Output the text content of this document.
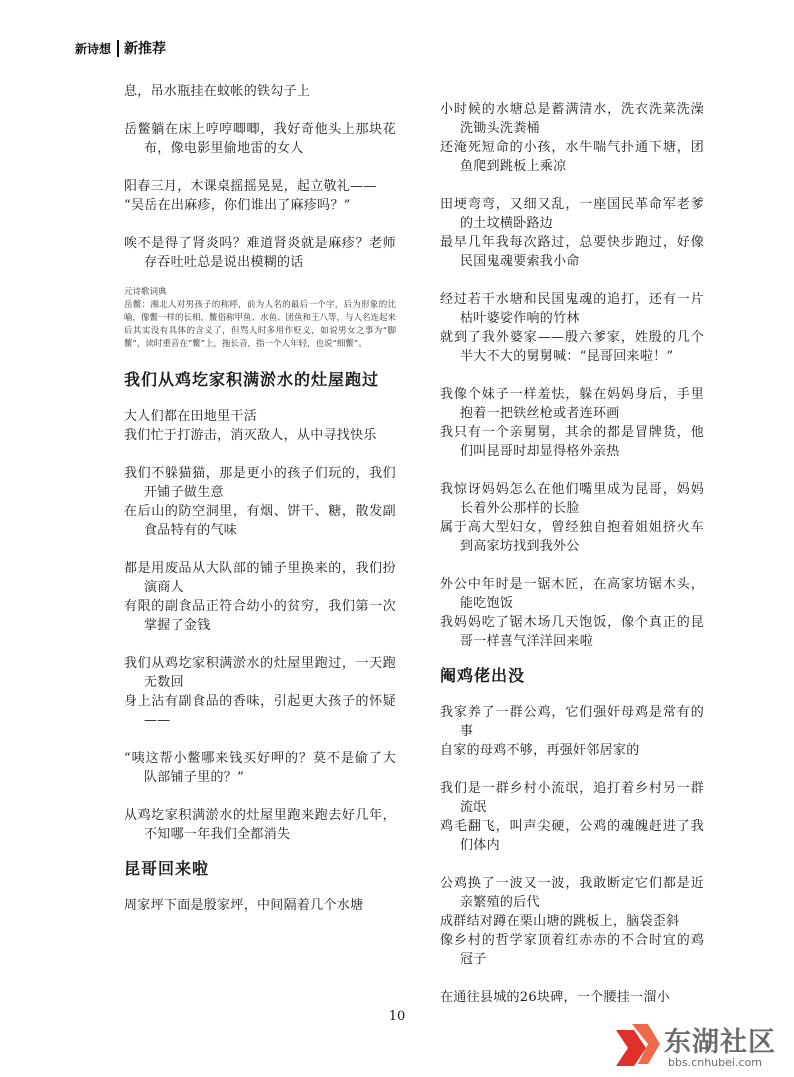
新诗想 新推荐
息，吊水瓶挂在蚊帐的铁勾子上
岳鳖躺在床上哼哼唧唧，我好奇他头上那块花布，像电影里偷地雷的女人
阳春三月，木课桌摇摇晃晃，起立敬礼——
“吴岳在出麻疹，你们谁出了麻疹吗？”
唉不是得了肾炎吗？难道肾炎就是麻疹？老师存吞吐吐总是说出模糊的话
元诗歌词典
岳鳖：湘北人对男孩子的称呼，前为人名的最后一个字，后为形象的比喻，像鳖一样的长相，鳖俗称甲鱼、水鱼、团鱼和王八等，与人名连起来后其实没有具体的含义了，但骂人时多用作贬义，如说男女之事为“脚鳖”，读时重音在“鳖”上，拖长音，指一个人年轻，也说“细鳖”。
我们从鸡圪家积满淤水的灶屋跑过
大人们都在田地里干活
我们忙于打游击，消灭敌人，从中寻找快乐
我们不躲猫猫，那是更小的孩子们玩的，我们开铺子做生意
在后山的防空洞里，有烟、饼干、糖，散发副食品特有的气味
都是用废品从大队部的铺子里换来的，我们扮演商人
有限的副食品正符合幼小的贫穷，我们第一次掌握了金钱
我们从鸡圪家积满淤水的灶屋里跑过，一天跑无数回
身上沾有副食品的香味，引起更大孩子的怀疑——
“咦这帮小鳖哪来钱买好呷的？莫不是偷了大队部铺子里的？”
从鸡圪家积满淤水的灶屋里跑来跑去好几年，不知哪一年我们全都消失
昆哥回来啦
周家坪下面是殷家坪，中间隔着几个水塘
小时候的水塘总是蓄满清水，洗衣洗菜洗澡洗锄头洗粪桶
还淹死短命的小孩，水牛喘气扑通下塘，团鱼爬到跳板上乘凉
田埂弯弯，又细又乱，一座国民革命军老爹的土坟横卧路边
最早几年我每次路过，总要快步跑过，好像民国鬼魂要索我小命
经过若干水塘和民国鬼魂的追打，还有一片枯叶婆娑作响的竹林
就到了我外婆家——殷六爹家，姓殷的几个半大不大的舅舅喊：“昆哥回来啦！”
我像个妹子一样羞怯，躲在妈妈身后，手里抱着一把铁丝枪或者连环画
我只有一个亲舅舅，其余的都是冒牌货，他们叫昆哥时却显得格外亲热
我惊讶妈妈怎么在他们嘴里成为昆哥，妈妈长着外公那样的长脸
属于高大型妇女，曾经独自抱着姐姐挤火车到高家坊找到我外公
外公中年时是一锯木匠，在高家坊锯木头，能吃饱饭
我妈妈吃了锯木场几天饱饭，像个真正的昆哥一样喜气洋洋回来啦
阉鸡佬出没
我家养了一群公鸡，它们强奸母鸡是常有的事
自家的母鸡不够，再强奸邻居家的
我们是一群乡村小流氓，追打着乡村另一群流氓
鸡毛翻飞，叫声尖硬，公鸡的魂魄赶进了我们体内
公鸡换了一波又一波，我敢断定它们都是近亲繁殖的后代
成群结对蹲在栗山塘的跳板上，脑袋歪斜
像乡村的哲学家顶着红赤赤的不合时宜的鸡冠子
在通往县城的26块碑，一个腰挂一溜小
10
东湖社区
bbs.cnhubei.com
